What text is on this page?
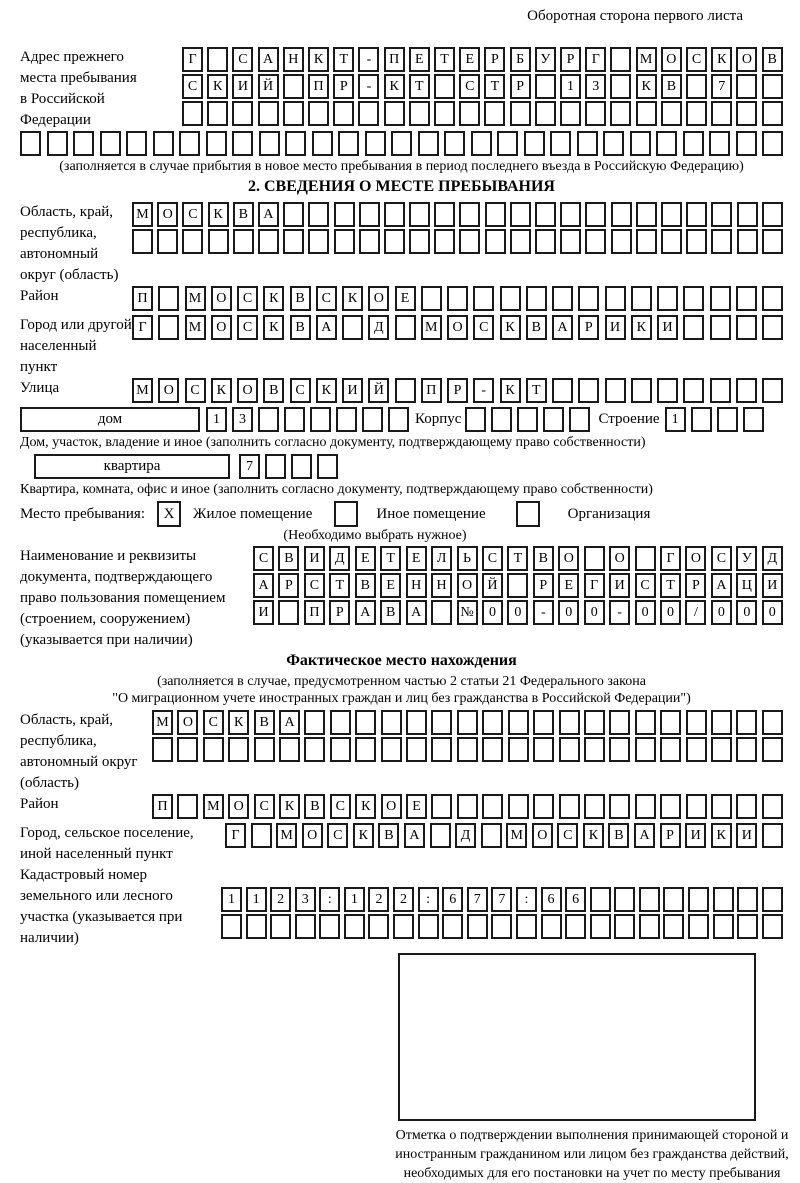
Оборотная сторона первого листа
Адрес прежнего места пребывания в Российской Федерации
Г	С	А	Н	К	Т	-	П	Е	Т	Е	Р	Б	У	Р	Г	М О	С	К	О	В
С	К	И	Й	П	Р	-	К	Т	С	Т	Р	1	3	К	В	7
(заполняется в случае прибытия в новое место пребывания в период последнего въезда в Российскую Федерацию)
2. СВЕДЕНИЯ О МЕСТЕ ПРЕБЫВАНИЯ
Область, край, республика, автономный округ (область)
М О	С	К	В	А
Район	П	М	О	С	К	В	С	К	О	Е
Город или другой населенный пункт
Г	М	О	С	К	В	А	Д	М	О	С	К	В	А	Р	И	К	И
Улица	М	О	С	К	О	В	С	К	И	Й	П	Р	-	К	Т
дом	1	3	Корпус	Строение 1
Дом, участок, владение и иное (заполнить согласно документу, подтверждающему право собственности)
квартира	7
Квартира, комната, офис и иное (заполнить согласно документу, подтверждающему право собственности)
Место пребывания:	X	Жилое помещение	Иное помещение	Организация
(Необходимо выбрать нужное)
Наименование и реквизиты документа, подтверждающего право пользования помещением (строением, сооружением) (указывается при наличии)
С	В	И	Д	Е	Т	Е	Л	Ь	С	Т	В	О	О	Г	О	С	У	Д
А	Р	С	Т	В	Е	Н	Н	О	Й	Р	Е	Г	И	С	Т	Р	А	Ц	И
И	П	Р	А	В	А	№	0	0	-	0	0	-	0	0	/	0	0	0
Фактическое место нахождения
(заполняется в случае, предусмотренном частью 2 статьи 21 Федерального закона
"О миграционном учете иностранных граждан и лиц без гражданства в Российской Федерации")
Область, край, республика, автономный округ (область)
М	О	С	К	В	А
Район	П	М	О	С	К	В	С	К	О	Е
Город, сельское поселение, иной населенный пункт
Г	М	О	С	К	В	А	Д	М	О	С	К	В	А	Р	И	К	И
Кадастровый номер земельного или лесного участка (указывается при наличии)
1	1	2	3	:	1	2	2	:	6	7	7	:	6	6
Отметка о подтверждении выполнения принимающей стороной и иностранным гражданином или лицом без гражданства действий, необходимых для его постановки на учет по месту пребывания
